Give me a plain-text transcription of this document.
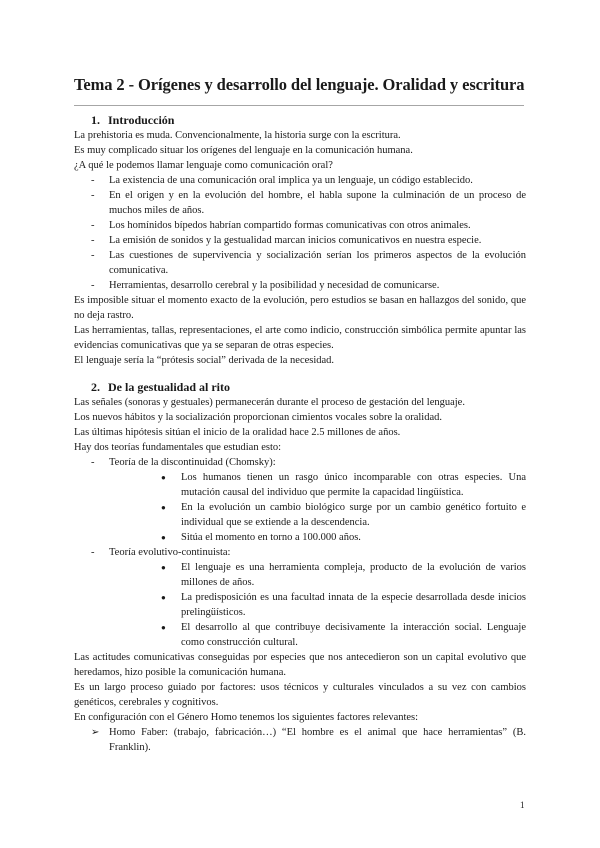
Tema 2 - Orígenes y desarrollo del lenguaje. Oralidad y escritura
1. Introducción

La prehistoria es muda. Convencionalmente, la historia surge con la escritura.

Es muy complicado situar los orígenes del lenguaje en la comunicación humana.

¿A qué le podemos llamar lenguaje como comunicación oral?

- La existencia de una comunicación oral implica ya un lenguaje, un código establecido.
- En el origen y en la evolución del hombre, el habla supone la culminación de un proceso de muchos miles de años.
- Los homínidos bípedos habrían compartido formas comunicativas con otros animales.
- La emisión de sonidos y la gestualidad marcan inicios comunicativos en nuestra especie.
- Las cuestiones de supervivencia y socialización serían los primeros aspectos de la evolución comunicativa.
- Herramientas, desarrollo cerebral y la posibilidad y necesidad de comunicarse.

Es imposible situar el momento exacto de la evolución, pero estudios se basan en hallazgos del sonido, que no deja rastro.

Las herramientas, tallas, representaciones, el arte como indicio, construcción simbólica permite apuntar las evidencias comunicativas que ya se separan de otras especies.

El lenguaje sería la “prótesis social” derivada de la necesidad.

2. De la gestualidad al rito

Las señales (sonoras y gestuales) permanecerán durante el proceso de gestación del lenguaje.

Los nuevos hábitos y la socialización proporcionan cimientos vocales sobre la oralidad.

Las últimas hipótesis sitúan el inicio de la oralidad hace 2.5 millones de años.

Hay dos teorías fundamentales que estudian esto:

- Teoría de la discontinuidad (Chomsky):
● Los humanos tienen un rasgo único incomparable con otras especies. Una mutación causal del individuo que permite la capacidad lingüística.
● En la evolución un cambio biológico surge por un cambio genético fortuito e individual que se extiende a la descendencia.
● Sitúa el momento en torno a 100.000 años.
- Teoría evolutivo-continuista:
● El lenguaje es una herramienta compleja, producto de la evolución de varios millones de años.
● La predisposición es una facultad innata de la especie desarrollada desde inicios prelingüísticos.
● El desarrollo al que contribuye decisivamente la interacción social. Lenguaje como construcción cultural.

Las actitudes comunicativas conseguidas por especies que nos antecedieron son un capital evolutivo que heredamos, hizo posible la comunicación humana.

Es un largo proceso guiado por factores: usos técnicos y culturales vinculados a su vez con cambios genéticos, cerebrales y cognitivos.

En configuración con el Género Homo tenemos los siguientes factores relevantes:

➢ Homo Faber: (trabajo, fabricación…) “El hombre es el animal que hace herramientas” (B. Franklin).
1
